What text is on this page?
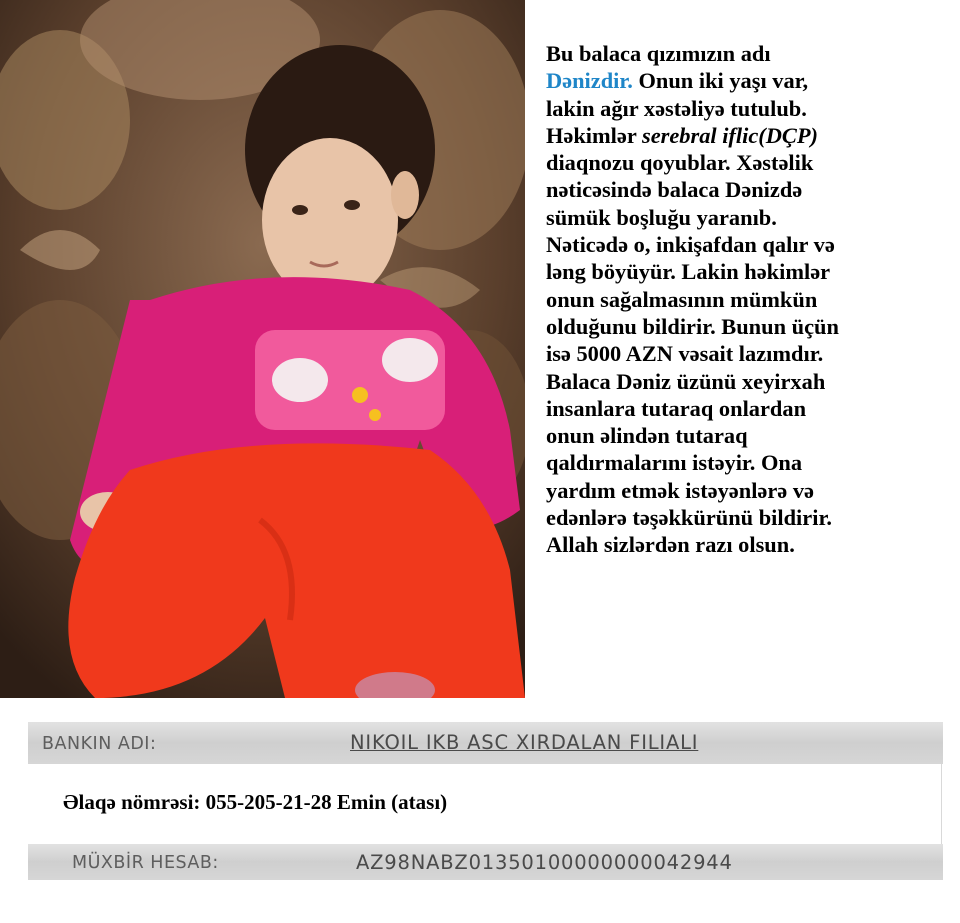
Bu balaca qızımızın adı
Dənizdir. Onun iki yaşı var,
lakin ağır xəstəliyə tutulub.
Həkimlər serebral iflic(DÇP)
diaqnozu qoyublar. Xəstəlik
nəticəsində balaca Dənizdə
sümük boşluğu yaranıb.
Nəticədə o, inkişafdan qalır və
ləng böyüyür. Lakin həkimlər
onun sağalmasının mümkün
olduğunu bildirir. Bunun üçün
isə 5000 AZN vəsait lazımdır.
Balaca Dəniz üzünü xeyirxah
insanlara tutaraq onlardan
onun əlindən tutaraq
qaldırmalarını istəyir. Ona
yardım etmək istəyənlərə və
edənlərə təşəkkürünü bildirir.
Allah sizlərdən razı olsun.
BANKIN ADI:	NIKOIL IKB ASC XIRDALAN FILIALI
Əlaqə nömrəsi: 055-205-21-28 Emin (atası)
MÜXBİR HESAB:	AZ98NABZ01350100000000042944
